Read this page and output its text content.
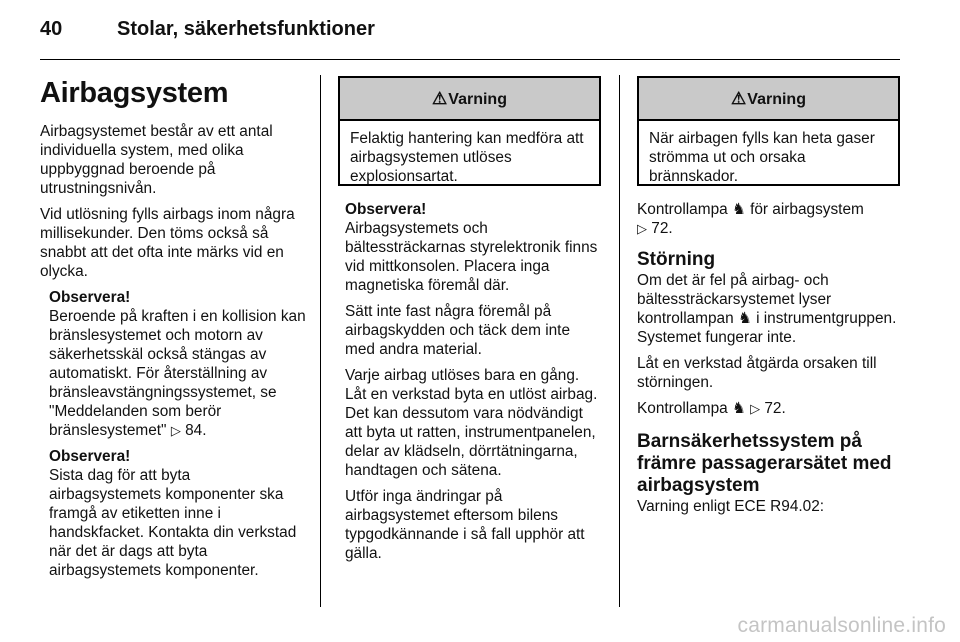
40	Stolar, säkerhetsfunktioner
Airbagsystem

Airbagsystemet består av ett antal individuella system, med olika uppbyggnad beroende på utrustningsnivån.

Vid utlösning fylls airbags inom några millisekunder. Den töms också så snabbt att det ofta inte märks vid en olycka.

Observera!
Beroende på kraften i en kollision kan bränslesystemet och motorn av säkerhetsskäl också stängas av automatiskt. För återställning av bränsleavstängningssystemet, se "Meddelanden som berör bränslesystemet" ▷ 84.

Observera!
Sista dag för att byta airbagsystemets komponenter ska framgå av etiketten inne i handskfacket. Kontakta din verkstad när det är dags att byta airbagsystemets komponenter.

⚠Varning
Felaktig hantering kan medföra att airbagsystemen utlöses explosionsartat.

Observera!
Airbagsystemets och bältessträckarnas styrelektronik finns vid mittkonsolen. Placera inga magnetiska föremål där.

Sätt inte fast några föremål på airbagskydden och täck dem inte med andra material.

Varje airbag utlöses bara en gång. Låt en verkstad byta en utlöst airbag. Det kan dessutom vara nödvändigt att byta ut ratten, instrumentpanelen, delar av klädseln, dörrtätningarna, handtagen och sätena.

Utför inga ändringar på airbagsystemet eftersom bilens typgodkännande i så fall upphör att gälla.

⚠Varning
När airbagen fylls kan heta gaser strömma ut och orsaka brännskador.

Kontrollampa ♞ för airbagsystem
▷ 72.

Störning

Om det är fel på airbag- och bältessträckarsystemet lyser kontrollampan ♞ i instrumentgruppen. Systemet fungerar inte.

Låt en verkstad åtgärda orsaken till störningen.

Kontrollampa ♞ ▷ 72.

Barnsäkerhetssystem på främre passagerarsätet med airbagsystem

Varning enligt ECE R94.02:

carmanualsonline.info
